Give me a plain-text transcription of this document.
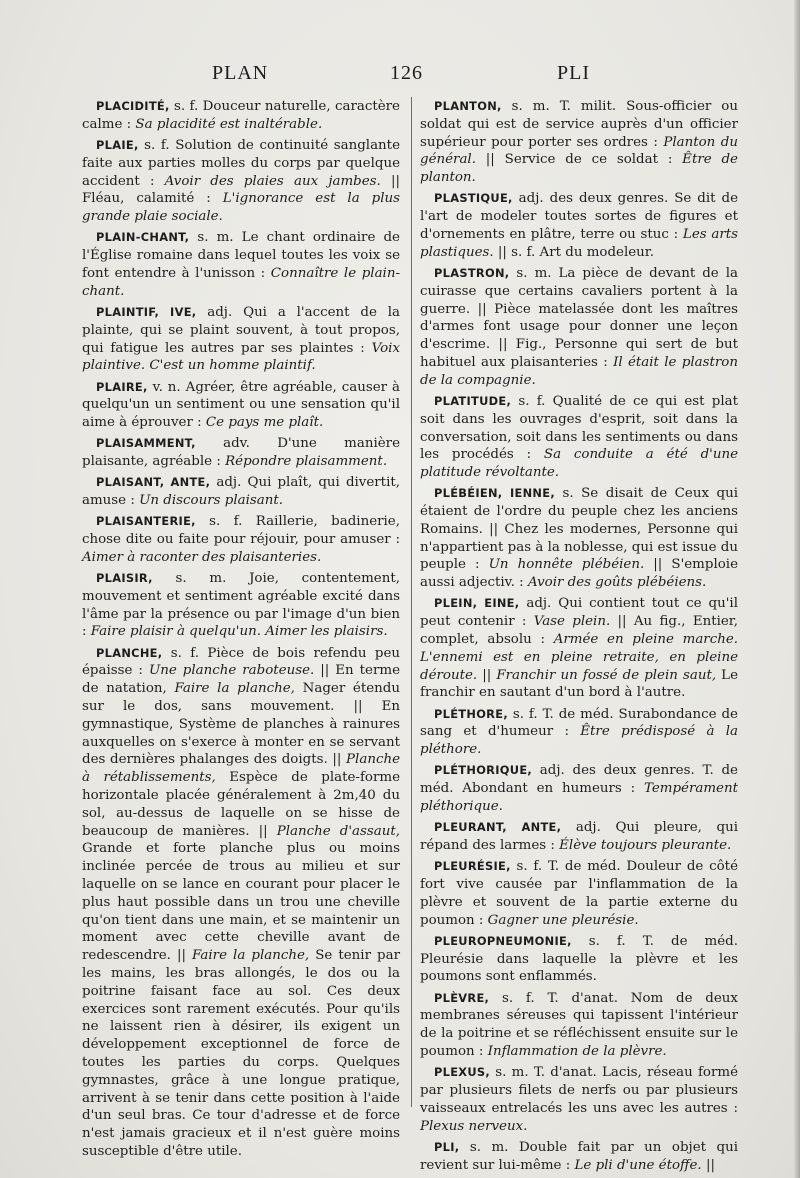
PLAN	126	PLI

PLACIDITÉ, s. f. Douceur naturelle, caractère calme : Sa placidité est inaltérable.

PLAIE, s. f. Solution de continuité sanglante faite aux parties molles du corps par quelque accident : Avoir des plaies aux jambes. || Fléau, calamité : L'ignorance est la plus grande plaie sociale.

PLAIN-CHANT, s. m. Le chant ordinaire de l'Église romaine dans lequel toutes les voix se font entendre à l'unisson : Connaître le plain-chant.

PLAINTIF, IVE, adj. Qui a l'accent de la plainte, qui se plaint souvent, à tout propos, qui fatigue les autres par ses plaintes : Voix plaintive. C'est un homme plaintif.

PLAIRE, v. n. Agréer, être agréable, causer à quelqu'un un sentiment ou une sensation qu'il aime à éprouver : Ce pays me plaît.

PLAISAMMENT, adv. D'une manière plaisante, agréable : Répondre plaisamment.

PLAISANT, ANTE, adj. Qui plaît, qui divertit, amuse : Un discours plaisant.

PLAISANTERIE, s. f. Raillerie, badinerie, chose dite ou faite pour réjouir, pour amuser : Aimer à raconter des plaisanteries.

PLAISIR, s. m. Joie, contentement, mouvement et sentiment agréable excité dans l'âme par la présence ou par l'image d'un bien : Faire plaisir à quelqu'un. Aimer les plaisirs.

PLANCHE, s. f. Pièce de bois refendu peu épaisse : Une planche raboteuse. || En terme de natation, Faire la planche, Nager étendu sur le dos, sans mouvement. || En gymnastique, Système de planches à rainures auxquelles on s'exerce à monter en se servant des dernières phalanges des doigts. || Planche à rétablissements, Espèce de plate-forme horizontale placée généralement à 2m,40 du sol, au-dessus de laquelle on se hisse de beaucoup de manières. || Planche d'assaut, Grande et forte planche plus ou moins inclinée percée de trous au milieu et sur laquelle on se lance en courant pour placer le plus haut possible dans un trou une cheville qu'on tient dans une main, et se maintenir un moment avec cette cheville avant de redescendre. || Faire la planche, Se tenir par les mains, les bras allongés, le dos ou la poitrine faisant face au sol. Ces deux exercices sont rarement exécutés. Pour qu'ils ne laissent rien à désirer, ils exigent un développement exceptionnel de force de toutes les parties du corps. Quelques gymnastes, grâce à une longue pratique, arrivent à se tenir dans cette position à l'aide d'un seul bras. Ce tour d'adresse et de force n'est jamais gracieux et il n'est guère moins susceptible d'être utile.

PLANTON, s. m. T. milit. Sous-officier ou soldat qui est de service auprès d'un officier supérieur pour porter ses ordres : Planton du général. || Service de ce soldat : Être de planton.

PLASTIQUE, adj. des deux genres. Se dit de l'art de modeler toutes sortes de figures et d'ornements en plâtre, terre ou stuc : Les arts plastiques. || s. f. Art du modeleur.

PLASTRON, s. m. La pièce de devant de la cuirasse que certains cavaliers portent à la guerre. || Pièce matelassée dont les maîtres d'armes font usage pour donner une leçon d'escrime. || Fig., Personne qui sert de but habituel aux plaisanteries : Il était le plastron de la compagnie.

PLATITUDE, s. f. Qualité de ce qui est plat soit dans les ouvrages d'esprit, soit dans la conversation, soit dans les sentiments ou dans les procédés : Sa conduite a été d'une platitude révoltante.

PLÉBÉIEN, IENNE, s. Se disait de Ceux qui étaient de l'ordre du peuple chez les anciens Romains. || Chez les modernes, Personne qui n'appartient pas à la noblesse, qui est issue du peuple : Un honnête plébéien. || S'emploie aussi adjectiv. : Avoir des goûts plébéiens.

PLEIN, EINE, adj. Qui contient tout ce qu'il peut contenir : Vase plein. || Au fig., Entier, complet, absolu : Armée en pleine marche. L'ennemi est en pleine retraite, en pleine déroute. || Franchir un fossé de plein saut, Le franchir en sautant d'un bord à l'autre.

PLÉTHORE, s. f. T. de méd. Surabondance de sang et d'humeur : Être prédisposé à la pléthore.

PLÉTHORIQUE, adj. des deux genres. T. de méd. Abondant en humeurs : Tempérament pléthorique.

PLEURANT, ANTE, adj. Qui pleure, qui répand des larmes : Élève toujours pleurante.

PLEURÉSIE, s. f. T. de méd. Douleur de côté fort vive causée par l'inflammation de la plèvre et souvent de la partie externe du poumon : Gagner une pleurésie.

PLEUROPNEUMONIE, s. f. T. de méd. Pleurésie dans laquelle la plèvre et les poumons sont enflammés.

PLÈVRE, s. f. T. d'anat. Nom de deux membranes séreuses qui tapissent l'intérieur de la poitrine et se réfléchissent ensuite sur le poumon : Inflammation de la plèvre.

PLEXUS, s. m. T. d'anat. Lacis, réseau formé par plusieurs filets de nerfs ou par plusieurs vaisseaux entrelacés les uns avec les autres : Plexus nerveux.

PLI, s. m. Double fait par un objet qui revient sur lui-même : Le pli d'une étoffe. ||
